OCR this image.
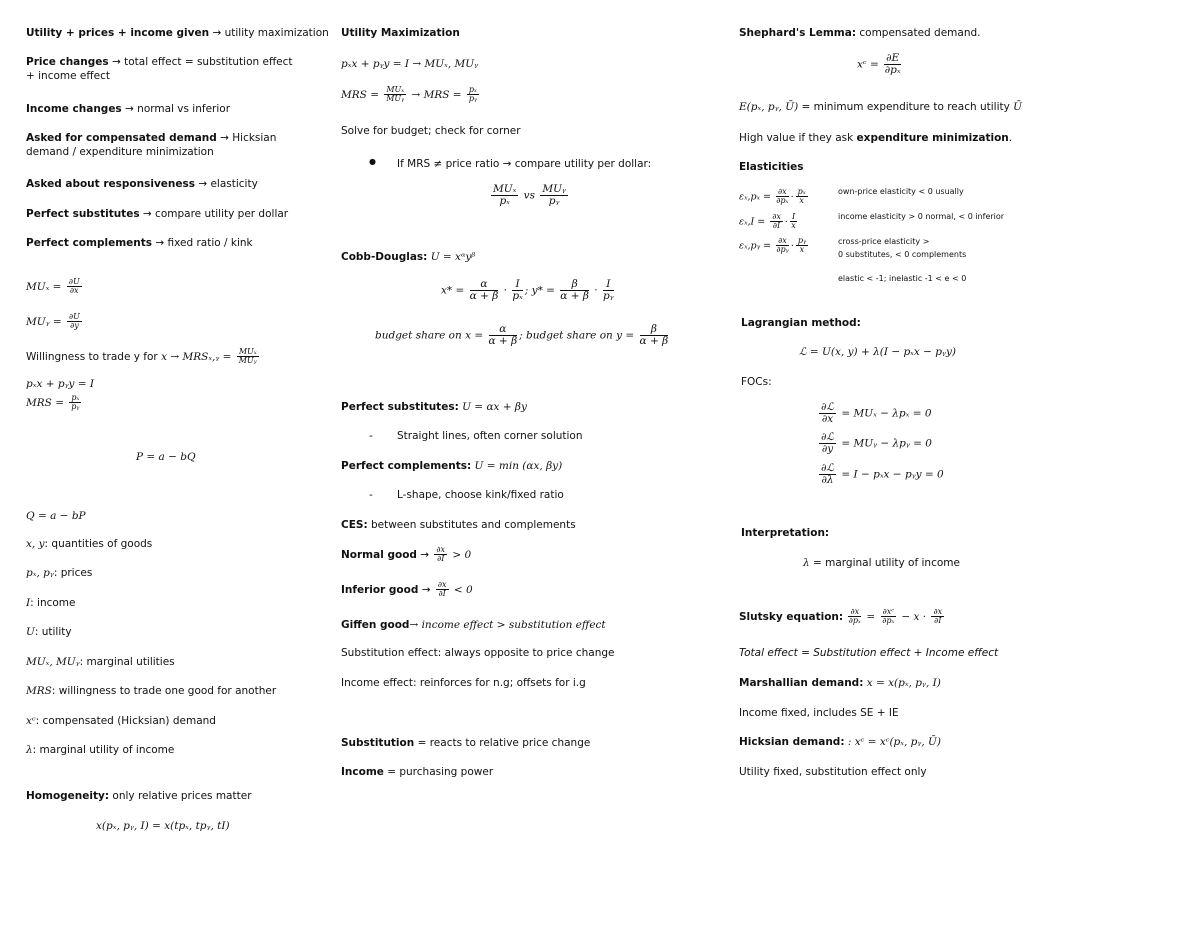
Utility + prices + income given → utility maximization
Price changes → total effect = substitution effect + income effect
Income changes → normal vs inferior
Asked for compensated demand → Hicksian demand / expenditure minimization
Asked about responsiveness → elasticity
Perfect substitutes → compare utility per dollar
Perfect complements → fixed ratio / kink
$MU_x = \frac{\partial U}{\partial x}$
MUᵧ = $\frac{\partial U}{\partial y}$
Willingness to trade y for x → MRSₓ,ᵧ = $\frac{\text{MUₓ}}{\text{MUᵧ}}$
pₓx + pᵧy = I
MRS = $\frac{\text{pₓ}}{\text{pᵧ}}$
P = a − bQ
Q = a − bP
x, y: quantities of goods
pₓ, pᵧ: prices
I: income
U: utility
MUₓ, MUᵧ: marginal utilities
MRS: willingness to trade one good for another
xᶜ: compensated (Hicksian) demand
λ: marginal utility of income
Homogeneity: only relative prices matter
x(pₓ, pᵧ, I) = x(tpₓ, tpᵧ, tI)
Utility Maximization
pₓx + pᵧy = I → MUₓ, MUᵧ
MRS = $\frac{\text{MUₓ}}{\text{MUᵧ}}$ → MRS = $\frac{\text{pₓ}}{\text{pᵧ}}$
Solve for budget; check for corner
● If MRS ≠ price ratio → compare utility per dollar:
$\frac{\text{MUₓ}}{\text{pₓ}}$ vs $\frac{\text{MUᵧ}}{\text{pᵧ}}$
Cobb-Douglas: U = xᵅyᵝ
$x* = \frac{\alpha}{\alpha + \beta} \cdot \frac{I}{\text{pₓ}}$ ; $y* = \frac{\beta}{\alpha + \beta} \cdot \frac{I}{\text{pᵧ}}$
budget share on $x = \frac{\alpha}{\alpha + \beta}$ ; budget share on $y = \frac{\beta}{\alpha + \beta}$
Perfect substitutes: U = αx + βy
- Straight lines, often corner solution
Perfect complements: U = min (αx, βy)
- L-shape, choose kink/fixed ratio
CES: between substitutes and complements
Normal good → $\frac{\partial x}{\partial I} > 0$
Inferior good → $\frac{\partial x}{\partial I} < 0$
Giffen good→ income effect > substitution effect
Substitution effect: always opposite to price change
Income effect: reinforces for n.g; offsets for i.g
Substitution = reacts to relative price change
Income = purchasing power
Shephard's Lemma: compensated demand.
xᶜ = $\frac{\partial E}{\text{∂pₓ}}$
E(pₓ, pᵧ, Ū) = minimum expenditure to reach utility Ū
High value if they ask expenditure minimization.
Elasticities
$\varepsilon_x,p_x = \frac{\partial x}{\text{∂pₓ}} \cdot \frac{\text{pₓ}}{x}$	own-price elasticity < 0 usually
$\varepsilon_x,I = \frac{\partial x}{\partial I} \cdot \frac{I}{x}$	income elasticity > 0 normal, < 0 inferior
εₓ,pᵧ = $\frac{\partial x}{\text{∂pᵧ}} \cdot \frac{\text{pᵧ}}{x}$	cross-price elasticity >
0 substitutes, < 0 complements
elastic < -1; inelastic -1 < e < 0
Lagrangian method:
ℒ = U(x, y) + λ(I − pₓx − pᵧy)
FOCs:
$\frac{\text{∂ℒ}}{\partial x} = MU_x - \lambda p_x = 0$
$\frac{\text{∂ℒ}}{\partial y}$ = MUᵧ − λpᵧ = 0
$\frac{\text{∂ℒ}}{\partial\lambda} = I - p_xx$ − pᵧy = 0
Interpretation:
λ = marginal utility of income
Slutsky equation: $\frac{\partial x}{\text{∂pₓ}} = \frac{\text{∂xᶜ}}{\text{∂pₓ}} - x \cdot \frac{\partial x}{\partial I}$
Total effect = Substitution effect + Income effect
Marshallian demand: x = x(pₓ, pᵧ, I)
Income fixed, includes SE + IE
Hicksian demand: : xᶜ = xᶜ(pₓ, pᵧ, Ū)
Utility fixed, substitution effect only
